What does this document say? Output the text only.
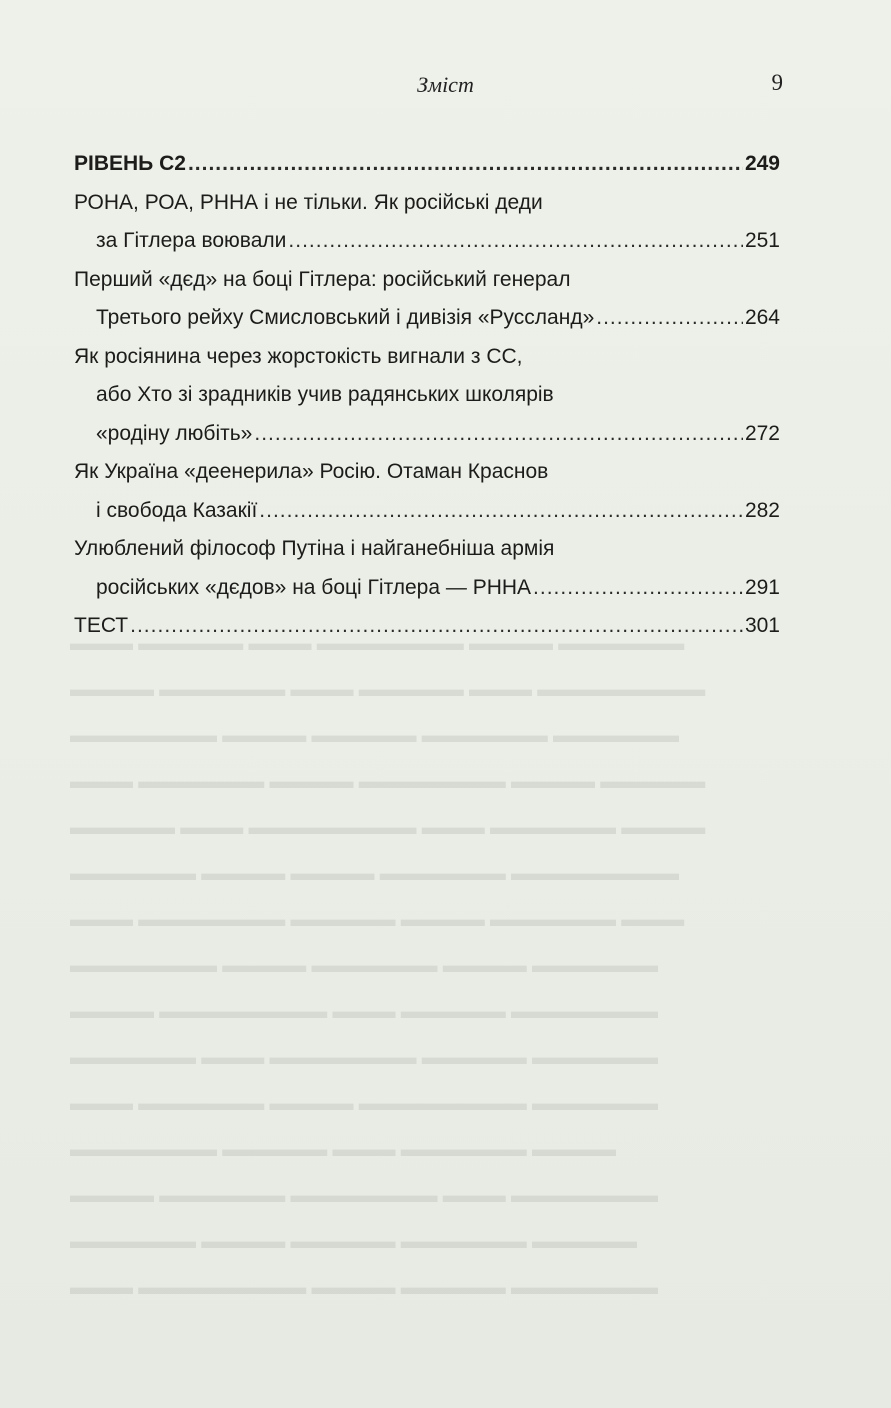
Зміст	9
▬▬▬ ▬▬▬▬▬ ▬▬▬ ▬▬▬▬▬▬▬ ▬▬▬▬ ▬▬▬▬▬▬
▬▬▬▬ ▬▬▬▬▬▬ ▬▬▬ ▬▬▬▬▬ ▬▬▬ ▬▬▬▬▬▬▬▬
▬▬▬▬▬▬▬ ▬▬▬▬ ▬▬▬▬▬ ▬▬▬▬▬▬ ▬▬▬▬▬▬
▬▬▬ ▬▬▬▬▬▬ ▬▬▬▬ ▬▬▬▬▬▬▬ ▬▬▬▬ ▬▬▬▬▬
▬▬▬▬▬ ▬▬▬ ▬▬▬▬▬▬▬▬ ▬▬▬ ▬▬▬▬▬▬ ▬▬▬▬
▬▬▬▬▬▬ ▬▬▬▬ ▬▬▬▬ ▬▬▬▬▬▬ ▬▬▬▬▬▬▬▬
▬▬▬ ▬▬▬▬▬▬▬ ▬▬▬▬▬ ▬▬▬▬ ▬▬▬▬▬▬ ▬▬▬
▬▬▬▬▬▬▬ ▬▬▬▬ ▬▬▬▬▬▬ ▬▬▬▬ ▬▬▬▬▬▬
▬▬▬▬ ▬▬▬▬▬▬▬▬ ▬▬▬ ▬▬▬▬▬ ▬▬▬▬▬▬▬
▬▬▬▬▬▬ ▬▬▬ ▬▬▬▬▬▬▬ ▬▬▬▬▬ ▬▬▬▬▬▬
▬▬▬ ▬▬▬▬▬▬ ▬▬▬▬ ▬▬▬▬▬▬▬▬ ▬▬▬▬▬▬
▬▬▬▬▬▬▬ ▬▬▬▬▬ ▬▬▬ ▬▬▬▬▬▬ ▬▬▬▬
▬▬▬▬ ▬▬▬▬▬▬ ▬▬▬▬▬▬▬ ▬▬▬ ▬▬▬▬▬▬▬
▬▬▬▬▬▬ ▬▬▬▬ ▬▬▬▬▬ ▬▬▬▬▬▬ ▬▬▬▬▬
▬▬▬ ▬▬▬▬▬▬▬▬ ▬▬▬▬ ▬▬▬▬▬ ▬▬▬▬▬▬▬
РІВЕНЬ С2 .....	249
РОНА, РОА, РННА і не тільки. Як російські деди
за Гітлера воювали .....	251
Перший «дєд» на боці Гітлера: російський генерал
Третього рейху Смисловський і дивізія «Руссланд» .....	264
Як росіянина через жорстокість вигнали з СС,
або Хто зі зрадників учив радянських школярів
«родіну любіть» .....	272
Як Україна «деенерила» Росію. Отаман Краснов
і свобода Казакії .....	282
Улюблений філософ Путіна і найганебніша армія
російських «дєдов» на боці Гітлера — РННА .....	291
ТЕСТ .....	301
